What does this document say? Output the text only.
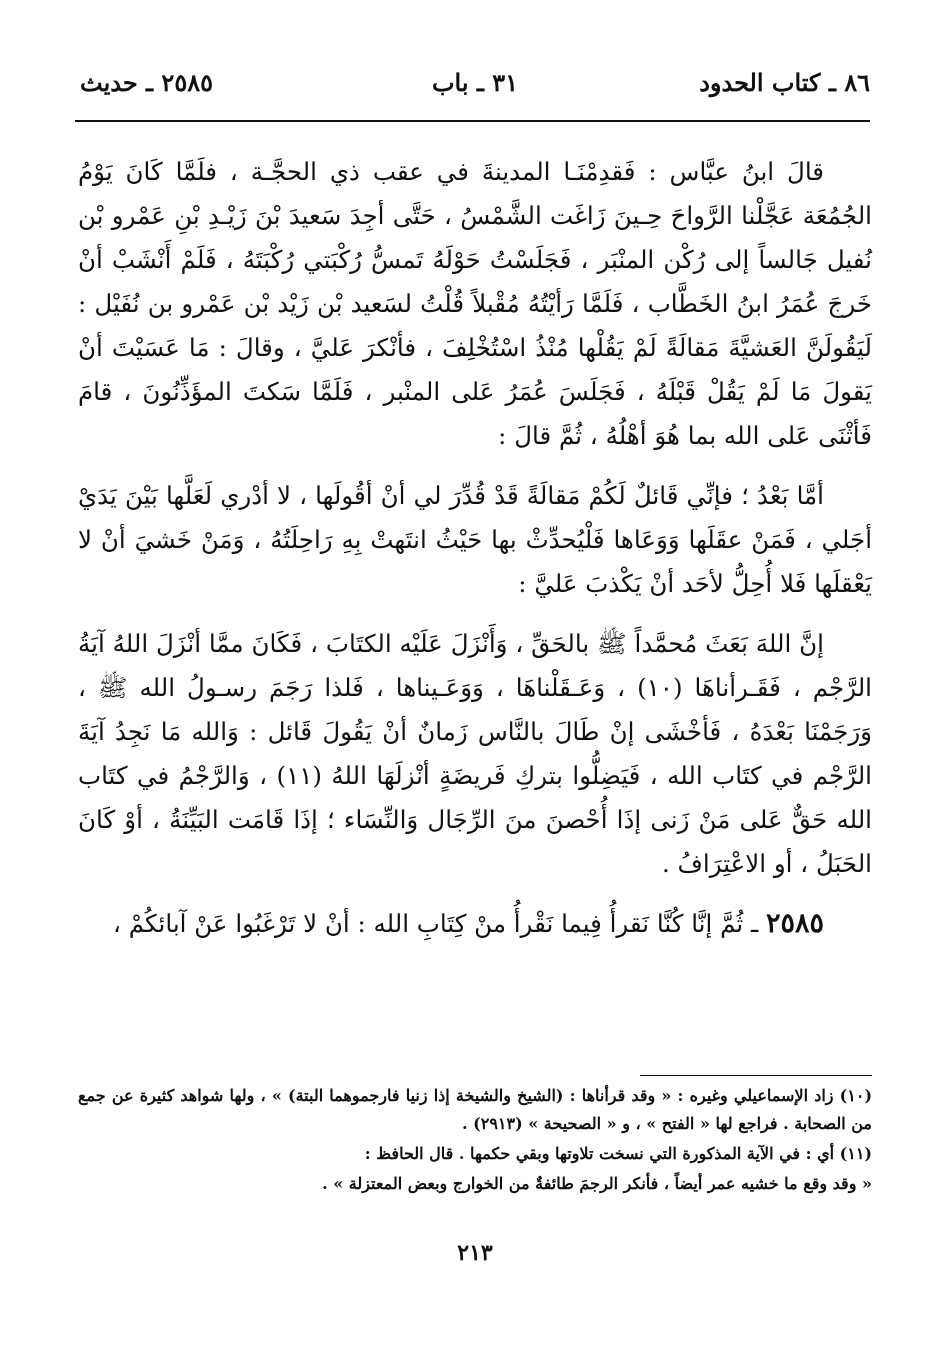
٨٦ ـ كتاب الحدود
٣١ ـ باب
٢٥٨٥ ـ حديث

قالَ ابنُ عبَّاس : فَقدِمْنَـا المدينةَ في عقب ذي الحجَّـة ، فلَمَّا كَانَ يَوْمُ الجُمُعَة عَجَّلْنا الرَّواحَ حِـينَ زَاغَت الشَّمْسُ ، حَتَّى أجِدَ سَعيدَ بْنَ زَيْـدِ بْنِ عَمْرو بْن نُفيل جَالساً إلى رُكْن المنْبَر ، فَجَلَسْتُ حَوْلَهُ تَمسُّ رُكْبَتي رُكْبَتَهُ ، فَلَمْ أَنْشَبْ أنْ خَرجَ عُمَرُ ابنُ الخَطَّاب ، فَلَمَّا رَأيْتُهُ مُقْبلاً قُلْتُ لسَعيد بْن زَيْد بْن عَمْرو بن نُفَيْل : لَيَقُولَنَّ العَشيَّةَ مَقالَةً لَمْ يَقُلْها مُنْذُ اسْتُخْلِفَ ، فأنْكرَ عَليَّ ، وقالَ : مَا عَسَيْتَ أنْ يَقولَ مَا لَمْ يَقُلْ قَبْلَهُ ، فَجَلَسَ عُمَرُ عَلى المنْبر ، فَلَمَّا سَكتَ المؤَذِّنُونَ ، قامَ فَأثْنَى عَلى الله بما هُوَ أهْلُهُ ، ثُمَّ قالَ :

أمَّا بَعْدُ ؛ فإنِّي قَائلٌ لَكُمْ مَقالَةً قَدْ قُدِّرَ لي أنْ أقُولَها ، لا أدْري لَعَلَّها بَيْنَ يَدَيْ أجَلي ، فَمَنْ عقَلَها وَوَعَاها فَلْيُحدِّثْ بها حَيْثُ انتَهتْ بِهِ رَاحِلَتُهُ ، وَمَنْ خَشيَ أنْ لا يَعْقلَها فَلا أُحِلُّ لأحَد أنْ يَكْذبَ عَليَّ :

إنَّ اللهَ بَعَثَ مُحمَّداً ﷺ بالحَقِّ ، وَأَنْزَلَ عَلَيْه الكتَابَ ، فَكَانَ ممَّا أنْزَلَ اللهُ آيَةُ الرَّجْم ، فَقَـرأناهَا (١٠) ، وَعَـقَلْناهَا ، وَوَعَـيناها ، فَلذا رَجَمَ رسـولُ الله ﷺ ، وَرَجَمْنَا بَعْدَهُ ، فَأخْشَى إنْ طَالَ بالنَّاس زَمانٌ أنْ يَقُولَ قَائل : وَالله مَا نَجِدُ آيَةَ الرَّجْم في كتَاب الله ، فَيَضِلُّوا بتركِ فَريضَةٍ أنْزلَهَا اللهُ (١١) ، وَالرَّجْمُ في كتَاب الله حَقٌّ عَلى مَنْ زَنى إذَا أُحْصنَ منَ الرِّجَال وَالنِّسَاء ؛ إذَا قَامَت البَيِّنَةُ ، أوْ كَانَ الحَبَلُ ، أو الاعْتِرَافُ .

٢٥٨٥ ـ ثُمَّ إنَّا كُنَّا نَقرأُ فِيما نَقْرأُ منْ كِتَابِ الله : أنْ لا تَرْغَبُوا عَنْ آبائكُمْ ،

(١٠) زاد الإسماعيلي وغيره : « وقد قرأناها : (الشيخ والشيخة إذا زنيا فارجموهما البتة) » ، ولها شواهد كثيرة عن جمع من الصحابة . فراجع لها « الفتح » ، و « الصحيحة » (٢٩١٣) .

(١١) أي : في الآية المذكورة التي نسخت تلاوتها وبقي حكمها . قال الحافظ :

« وقد وقع ما خشيه عمر أيضاً ، فأنكر الرجمَ طائفةٌ من الخوارج وبعض المعتزلة » .

٢١٣
